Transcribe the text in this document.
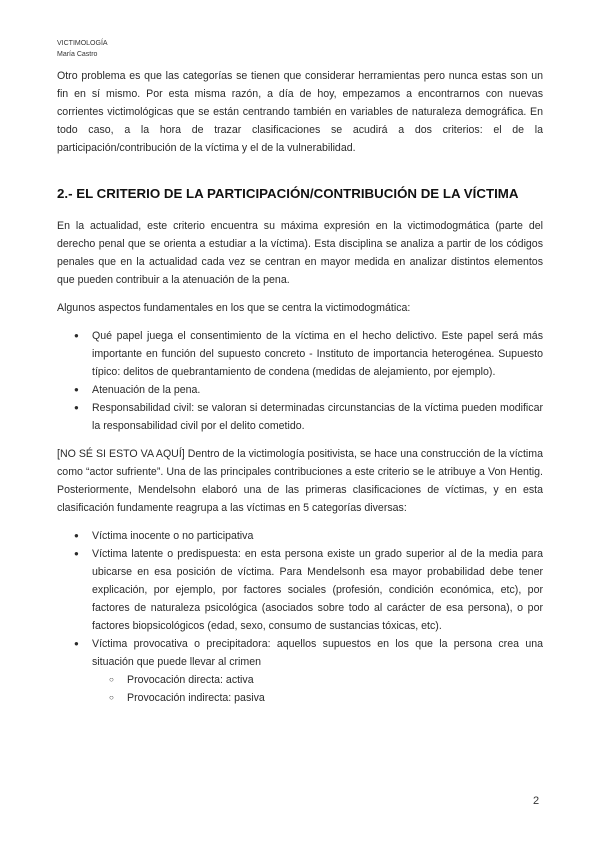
VICTIMOLOGÍA
María Castro

Otro problema es que las categorías se tienen que considerar herramientas pero nunca estas son un fin en sí mismo. Por esta misma razón, a día de hoy, empezamos a encontrarnos con nuevas corrientes victimológicas que se están centrando también en variables de naturaleza demográfica. En todo caso, a la hora de trazar clasificaciones se acudirá a dos criterios: el de la participación/contribución de la víctima y el de la vulnerabilidad.

2.- EL CRITERIO DE LA PARTICIPACIÓN/CONTRIBUCIÓN DE LA VÍCTIMA

En la actualidad, este criterio encuentra su máxima expresión en la victimodogmática (parte del derecho penal que se orienta a estudiar a la víctima). Esta disciplina se analiza a partir de los códigos penales que en la actualidad cada vez se centran en mayor medida en analizar distintos elementos que pueden contribuir a la atenuación de la pena.

Algunos aspectos fundamentales en los que se centra la victimodogmática:

● Qué papel juega el consentimiento de la víctima en el hecho delictivo. Este papel será más importante en función del supuesto concreto - Instituto de importancia heterogénea. Supuesto típico: delitos de quebrantamiento de condena (medidas de alejamiento, por ejemplo).
● Atenuación de la pena.
● Responsabilidad civil: se valoran si determinadas circunstancias de la víctima pueden modificar la responsabilidad civil por el delito cometido.

[NO SÉ SI ESTO VA AQUÍ] Dentro de la victimología positivista, se hace una construcción de la víctima como “actor sufriente”. Una de las principales contribuciones a este criterio se le atribuye a Von Hentig. Posteriormente, Mendelsohn elaboró una de las primeras clasificaciones de víctimas, y en esta clasificación fundamente reagrupa a las víctimas en 5 categorías diversas:

● Víctima inocente o no participativa
● Víctima latente o predispuesta: en esta persona existe un grado superior al de la media para ubicarse en esa posición de víctima. Para Mendelsonh esa mayor probabilidad debe tener explicación, por ejemplo, por factores sociales (profesión, condición económica, etc), por factores de naturaleza psicológica (asociados sobre todo al carácter de esa persona), o por factores biopsicológicos (edad, sexo, consumo de sustancias tóxicas, etc).
● Víctima provocativa o precipitadora: aquellos supuestos en los que la persona crea una situación que puede llevar al crimen
○ Provocación directa: activa
○ Provocación indirecta: pasiva
2
